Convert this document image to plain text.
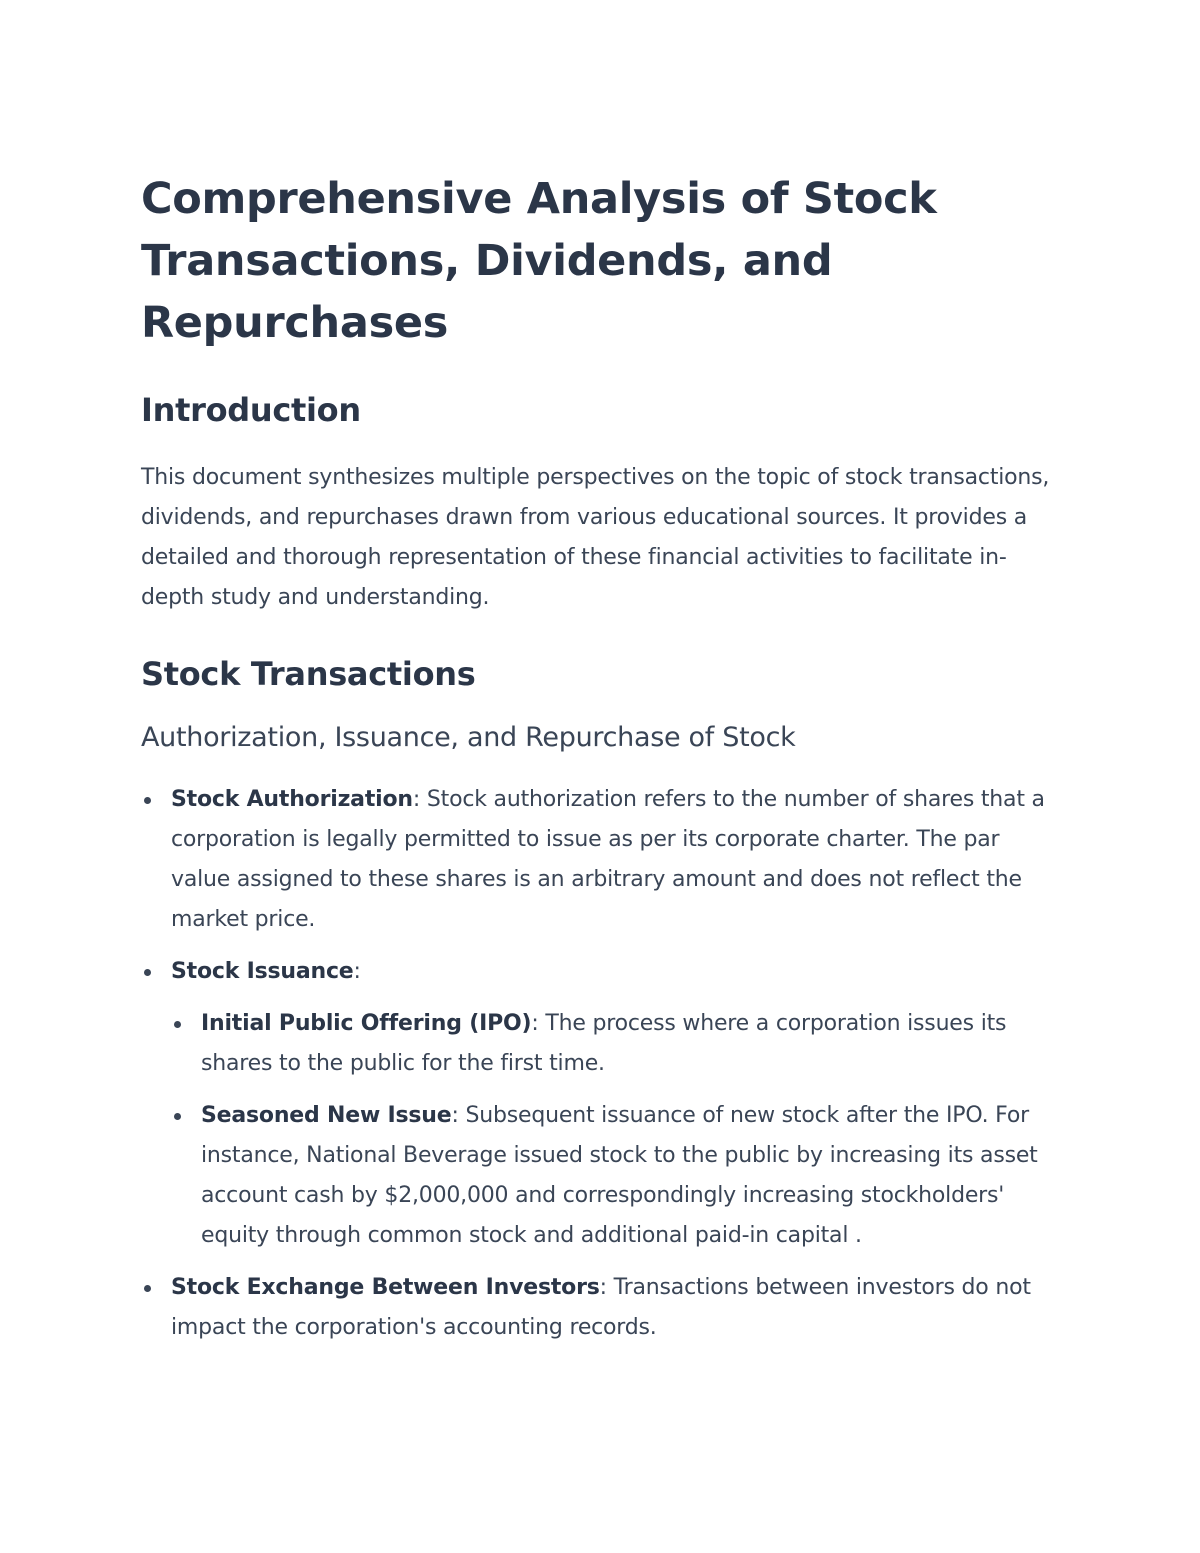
Comprehensive Analysis of Stock Transactions, Dividends, and Repurchases
Introduction

This document synthesizes multiple perspectives on the topic of stock transactions, dividends, and repurchases drawn from various educational sources. It provides a detailed and thorough representation of these financial activities to facilitate in-depth study and understanding.

Stock Transactions
Authorization, Issuance, and Repurchase of Stock
Stock Authorization: Stock authorization refers to the number of shares that a corporation is legally permitted to issue as per its corporate charter. The par value assigned to these shares is an arbitrary amount and does not reflect the market price.
Stock Issuance:
Initial Public Offering (IPO): The process where a corporation issues its shares to the public for the first time.
Seasoned New Issue: Subsequent issuance of new stock after the IPO. For instance, National Beverage issued stock to the public by increasing its asset account cash by $2,000,000 and correspondingly increasing stockholders' equity through common stock and additional paid-in capital .
Stock Exchange Between Investors: Transactions between investors do not impact the corporation's accounting records.
